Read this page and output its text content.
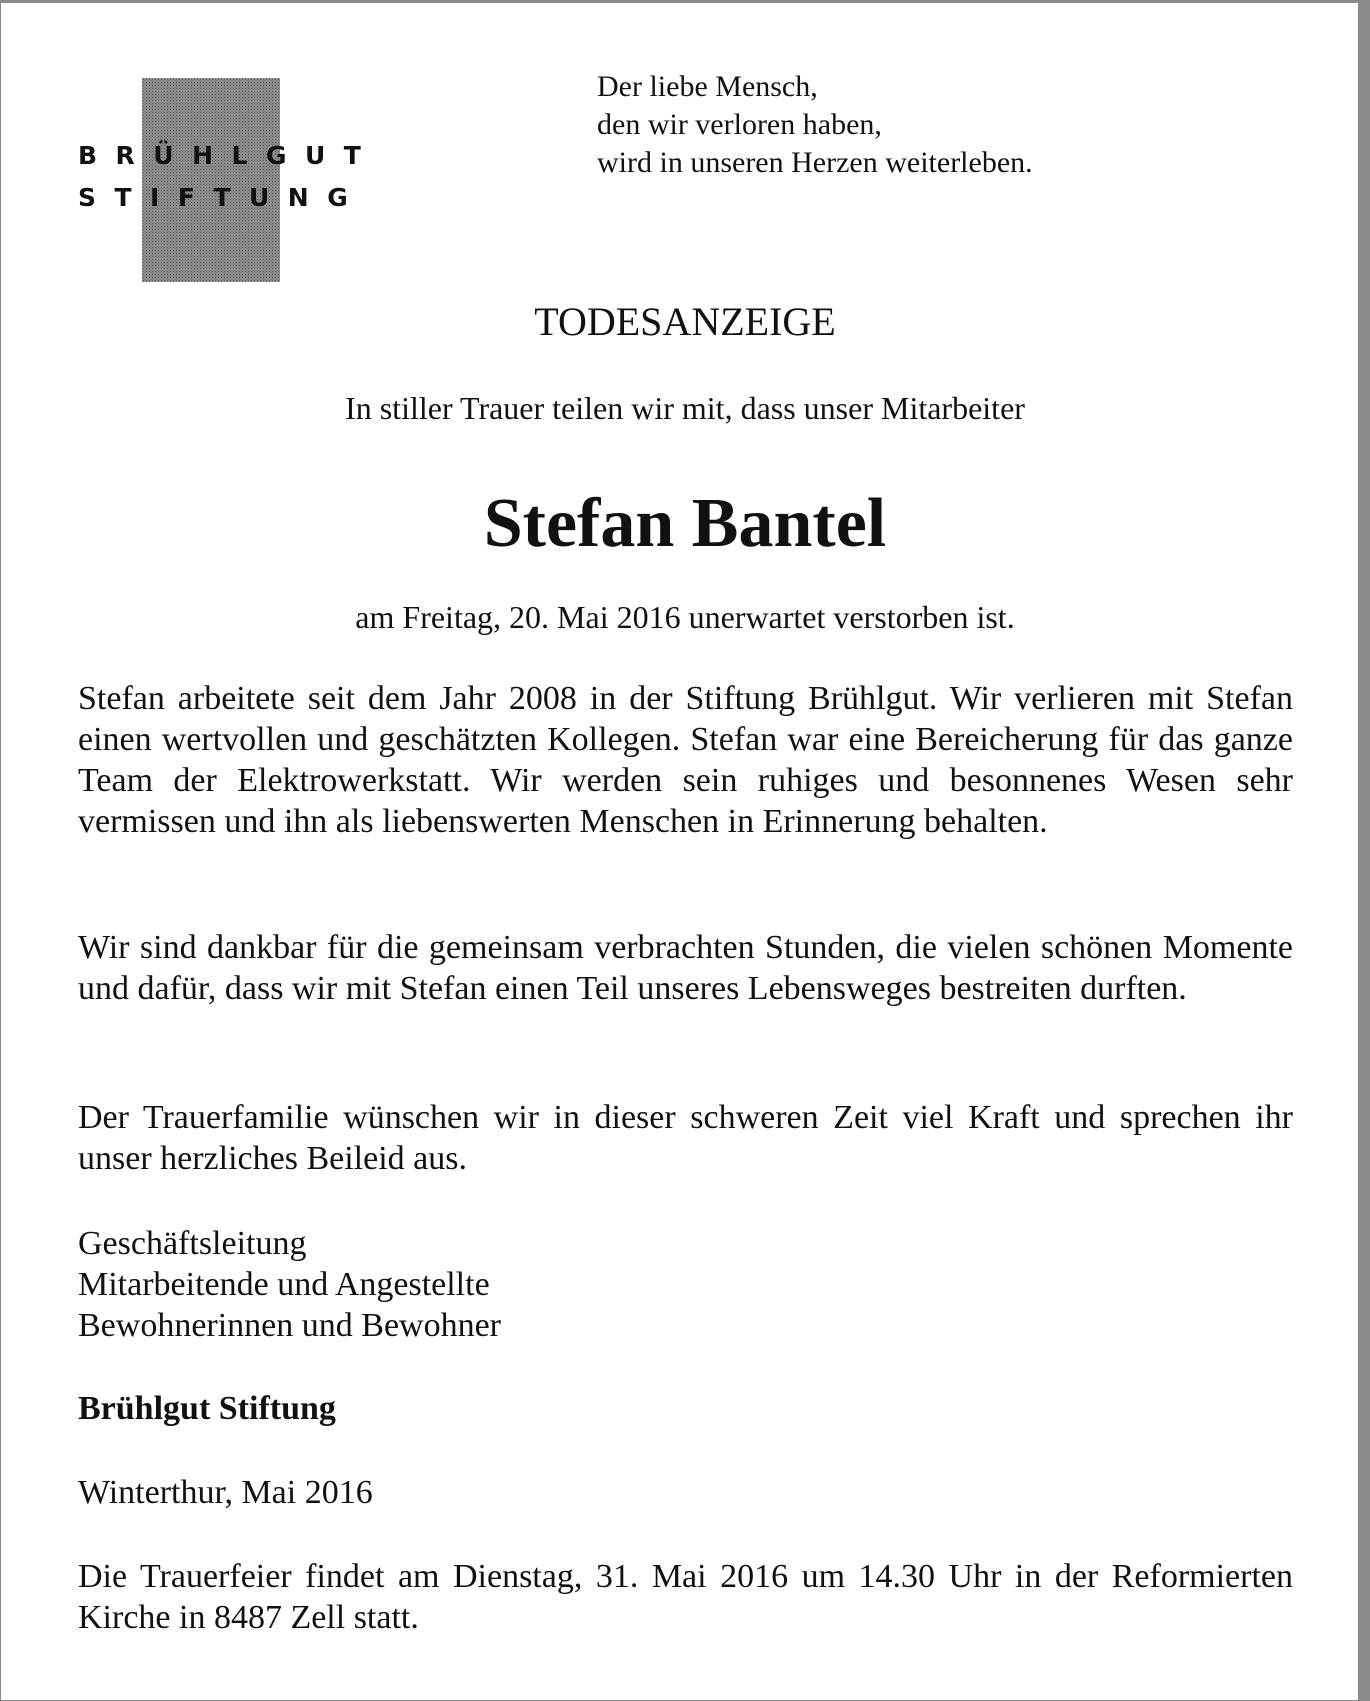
BRÜHLGUT
STIFTUNG
Der liebe Mensch,
den wir verloren haben,
wird in unseren Herzen weiterleben.
TODESANZEIGE
In stiller Trauer teilen wir mit, dass unser Mitarbeiter
Stefan Bantel
am Freitag, 20. Mai 2016 unerwartet verstorben ist.
Stefan arbeitete seit dem Jahr 2008 in der Stiftung Brühlgut. Wir verlieren mit Stefan einen wertvollen und geschätzten Kollegen. Stefan war eine Bereicherung für das ganze Team der Elektrowerkstatt. Wir werden sein ruhiges und besonnenes Wesen sehr vermissen und ihn als liebenswerten Menschen in Erinnerung behalten.
Wir sind dankbar für die gemeinsam verbrachten Stunden, die vielen schönen Momente und dafür, dass wir mit Stefan einen Teil unseres Lebensweges bestreiten durften.
Der Trauerfamilie wünschen wir in dieser schweren Zeit viel Kraft und sprechen ihr unser herzliches Beileid aus.
Geschäftsleitung
Mitarbeitende und Angestellte
Bewohnerinnen und Bewohner
Brühlgut Stiftung
Winterthur, Mai 2016
Die Trauerfeier findet am Dienstag, 31. Mai 2016 um 14.30 Uhr in der Reformierten Kirche in 8487 Zell statt.
